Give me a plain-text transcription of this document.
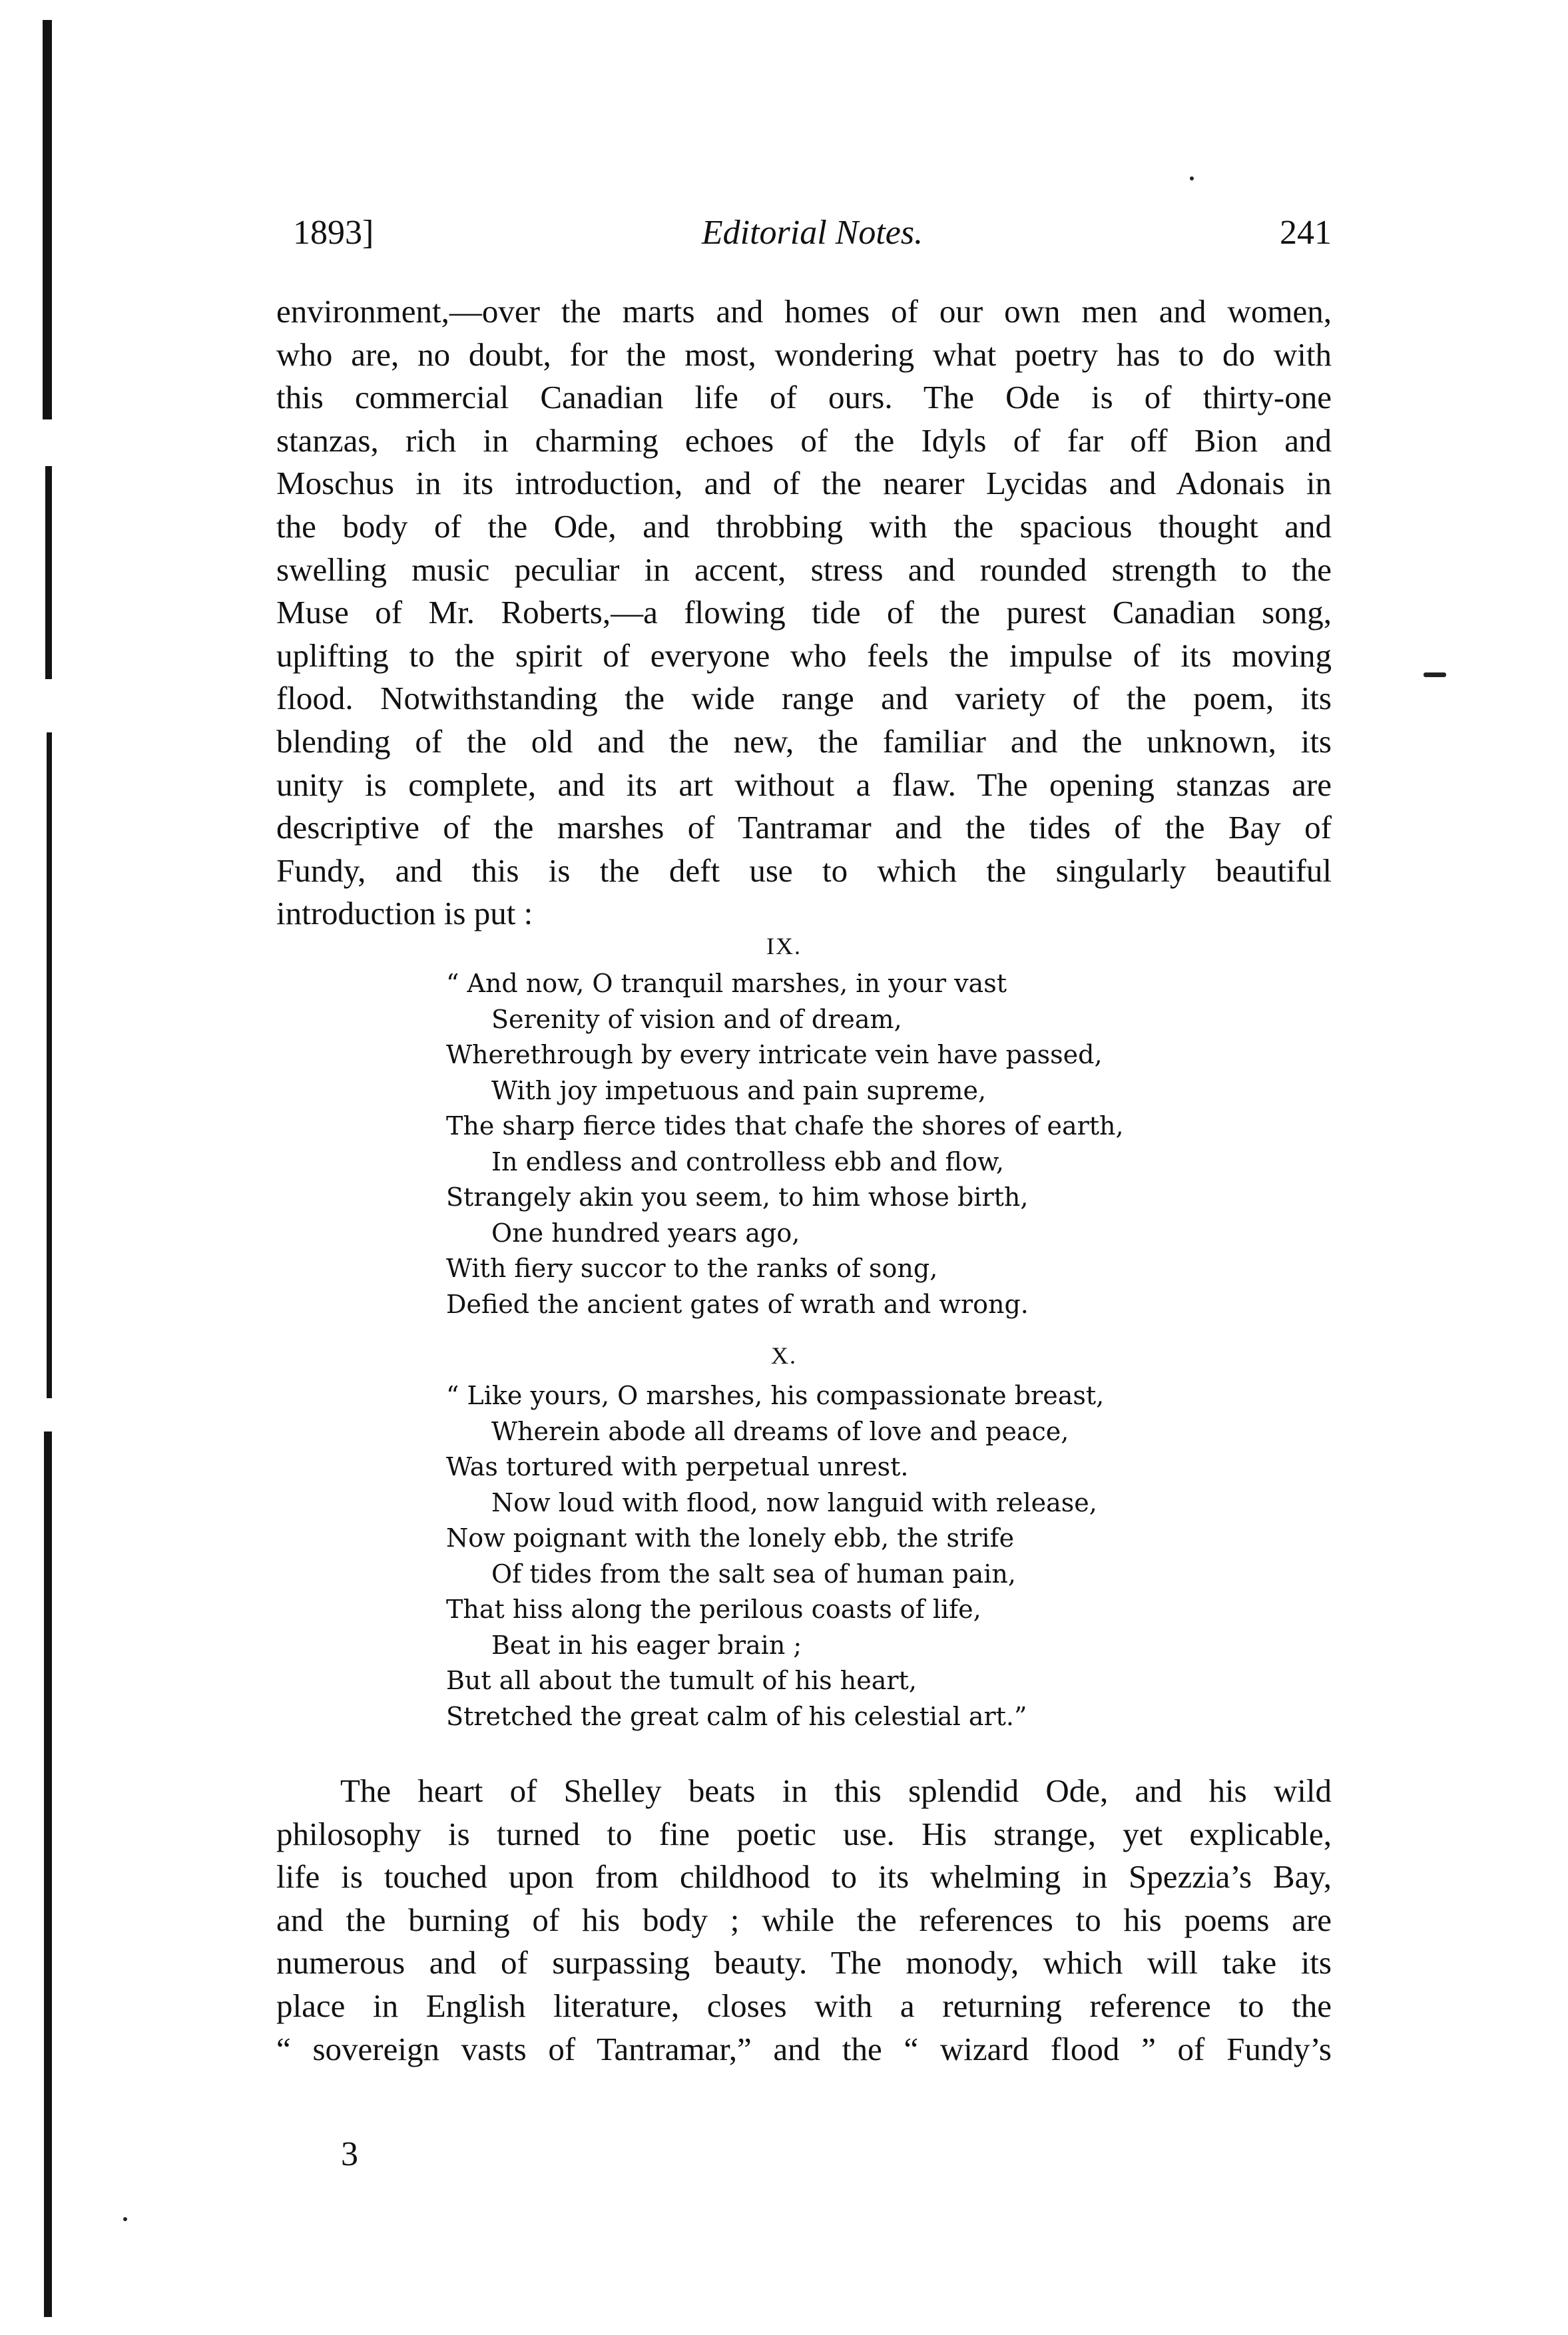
1893]	Editorial Notes.	241
environment,—over the marts and homes of our own men and women,
who are, no doubt, for the most, wondering what poetry has to do with
this commercial Canadian life of ours. The Ode is of thirty-one
stanzas, rich in charming echoes of the Idyls of far off Bion and
Moschus in its introduction, and of the nearer Lycidas and Adonais in
the body of the Ode, and throbbing with the spacious thought and
swelling music peculiar in accent, stress and rounded strength to the
Muse of Mr. Roberts,—a flowing tide of the purest Canadian song,
uplifting to the spirit of everyone who feels the impulse of its moving
flood. Notwithstanding the wide range and variety of the poem, its
blending of the old and the new, the familiar and the unknown, its
unity is complete, and its art without a flaw. The opening stanzas are
descriptive of the marshes of Tantramar and the tides of the Bay of
Fundy, and this is the deft use to which the singularly beautiful
introduction is put :
IX.
“ And now, O tranquil marshes, in your vast
Serenity of vision and of dream,
Wherethrough by every intricate vein have passed,
With joy impetuous and pain supreme,
The sharp fierce tides that chafe the shores of earth,
In endless and controlless ebb and flow,
Strangely akin you seem, to him whose birth,
One hundred years ago,
With fiery succor to the ranks of song,
Defied the ancient gates of wrath and wrong.
X.
“ Like yours, O marshes, his compassionate breast,
Wherein abode all dreams of love and peace,
Was tortured with perpetual unrest.
Now loud with flood, now languid with release,
Now poignant with the lonely ebb, the strife
Of tides from the salt sea of human pain,
That hiss along the perilous coasts of life,
Beat in his eager brain ;
But all about the tumult of his heart,
Stretched the great calm of his celestial art.”
The heart of Shelley beats in this splendid Ode, and his wild
philosophy is turned to fine poetic use. His strange, yet explicable,
life is touched upon from childhood to its whelming in Spezzia’s Bay,
and the burning of his body ; while the references to his poems are
numerous and of surpassing beauty. The monody, which will take its
place in English literature, closes with a returning reference to the
“ sovereign vasts of Tantramar,” and the “ wizard flood ” of Fundy’s
3
